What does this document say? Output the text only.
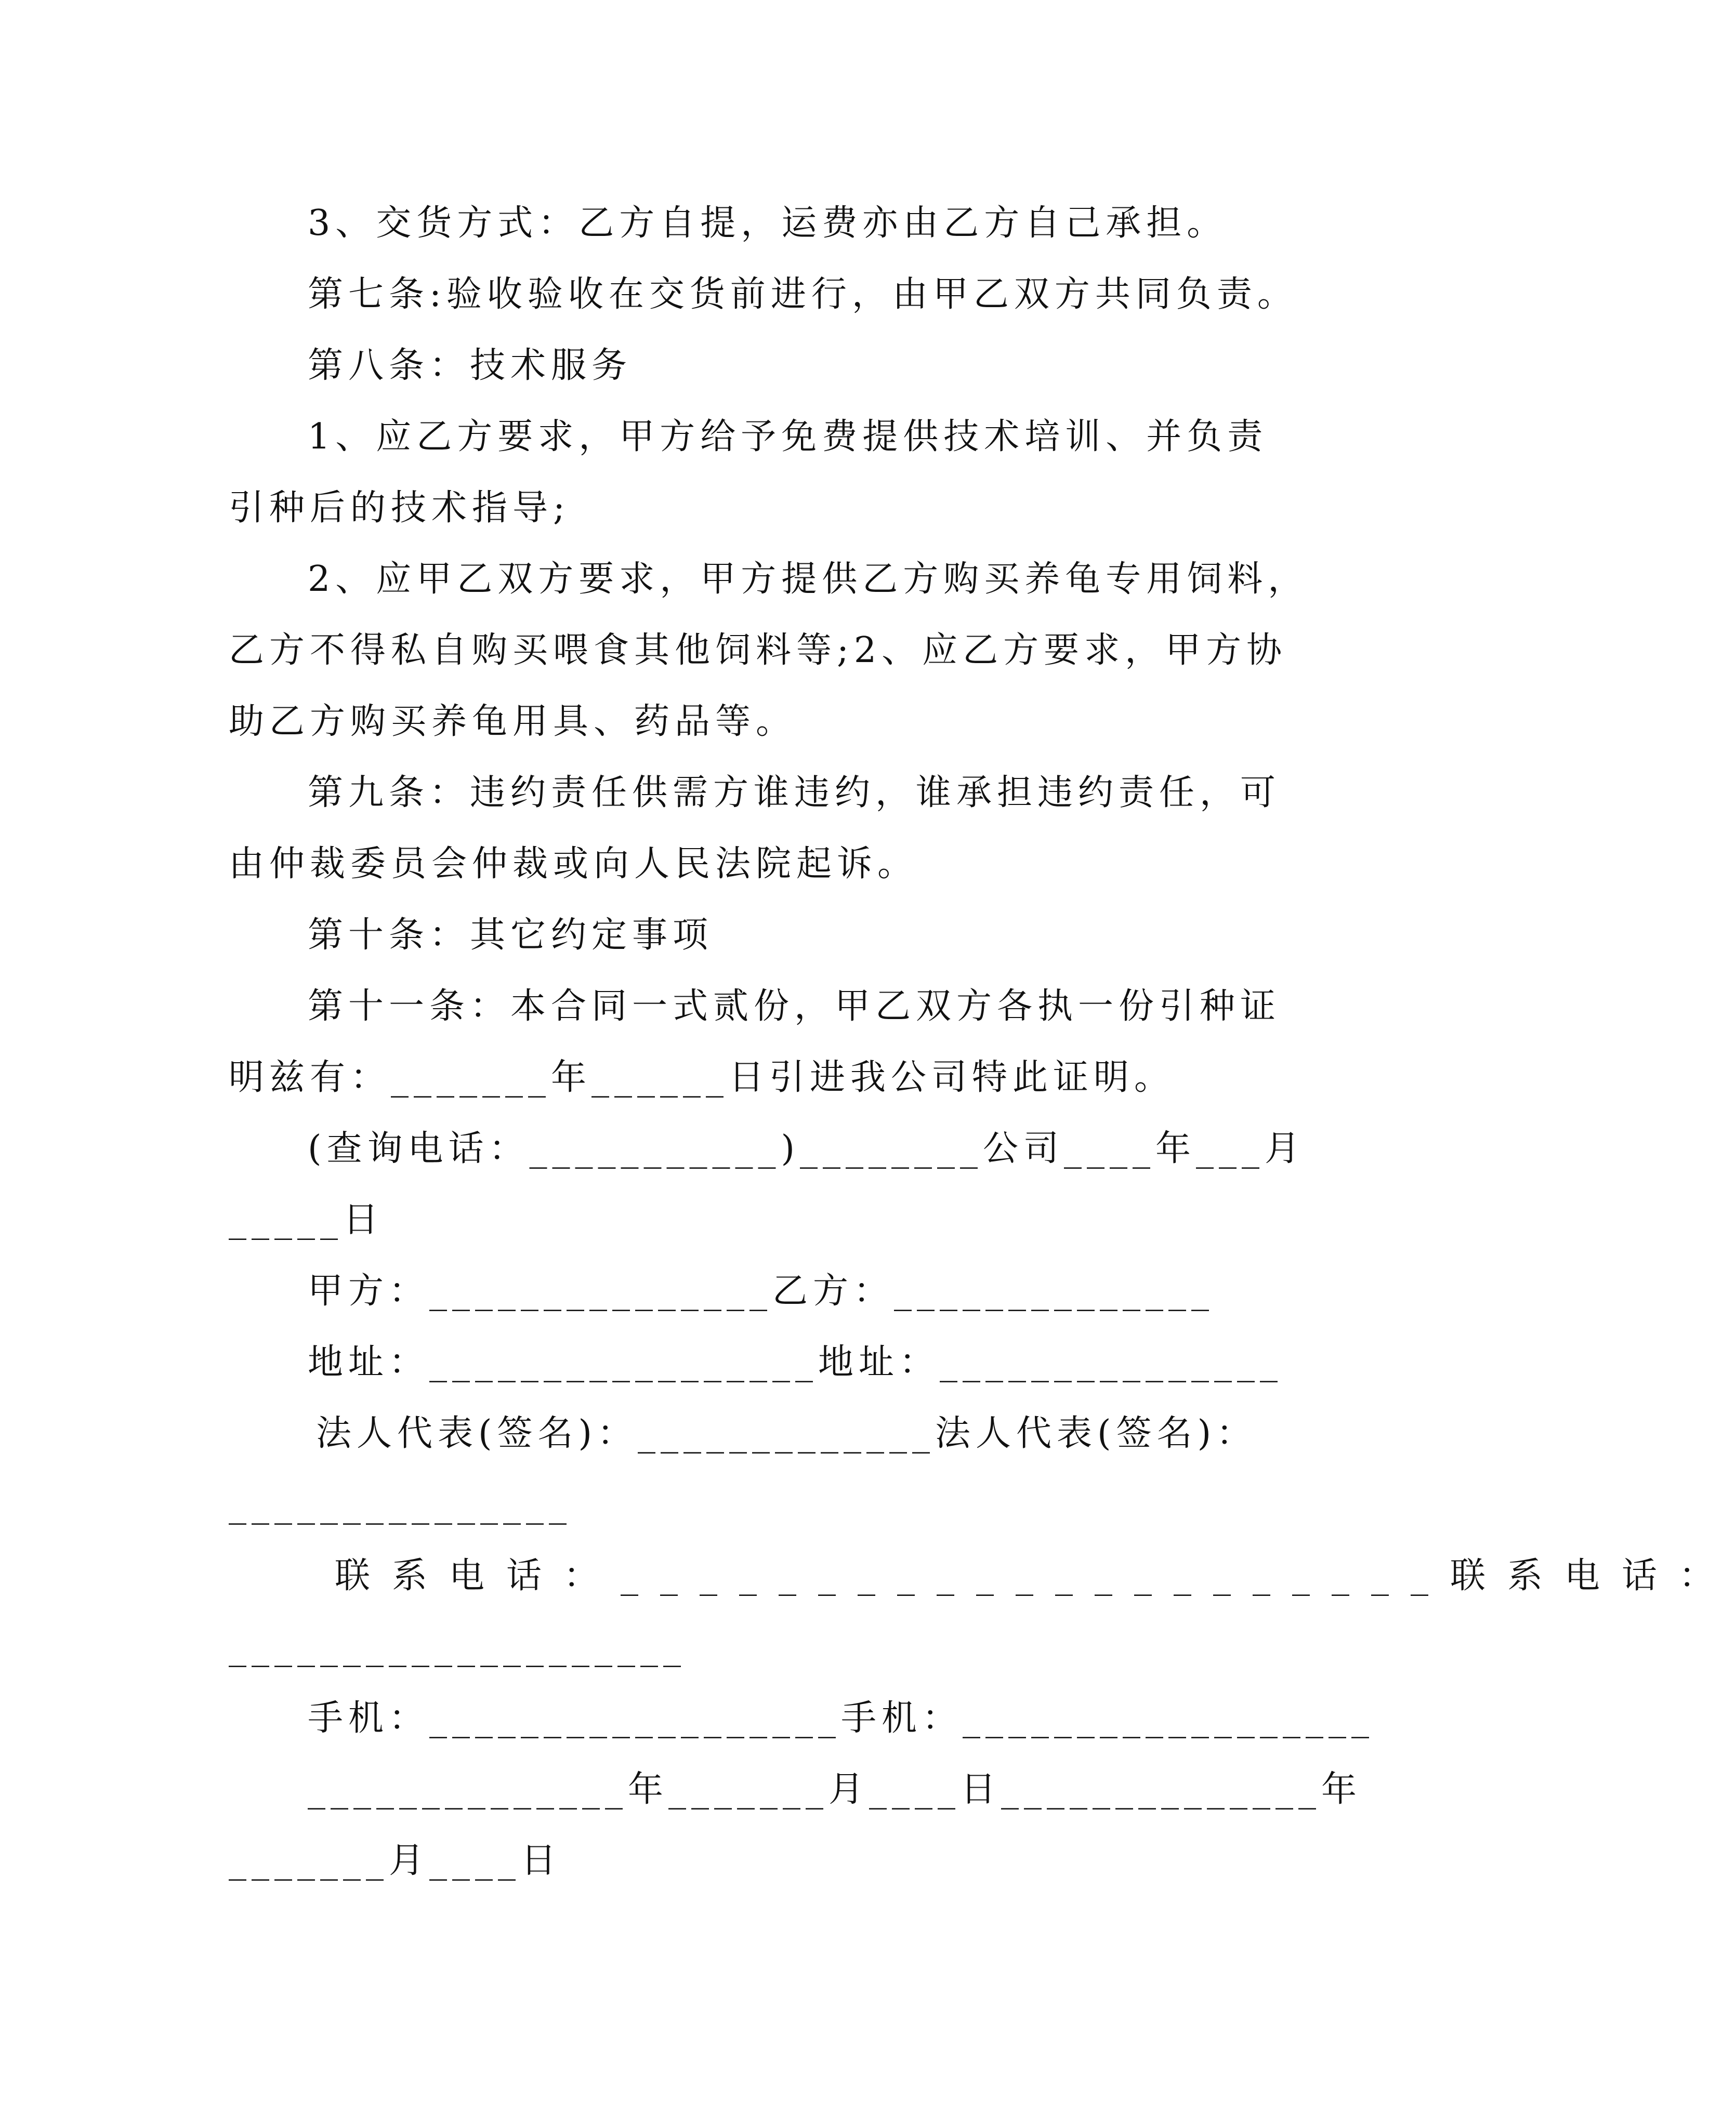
3、交货方式：乙方自提，运费亦由乙方自己承担。
第七条:验收验收在交货前进行，由甲乙双方共同负责。
第八条：技术服务
1、应乙方要求，甲方给予免费提供技术培训、并负责
引种后的技术指导;
2、应甲乙双方要求，甲方提供乙方购买养龟专用饲料，
乙方不得私自购买喂食其他饲料等;2、应乙方要求，甲方协
助乙方购买养龟用具、药品等。
第九条：违约责任供需方谁违约，谁承担违约责任，可
由仲裁委员会仲裁或向人民法院起诉。
第十条：其它约定事项
第十一条：本合同一式贰份，甲乙双方各执一份引种证
明兹有：_______年______日引进我公司特此证明。
(查询电话：___________)________公司____年___月
_____日
甲方：_______________乙方：______________
地址：_________________地址：_______________
法人代表(签名)：_____________法人代表(签名)：
_______________
联系电话：_____________________联系电话：
____________________
手机：__________________手机：__________________
______________年_______月____日______________年
_______月____日
